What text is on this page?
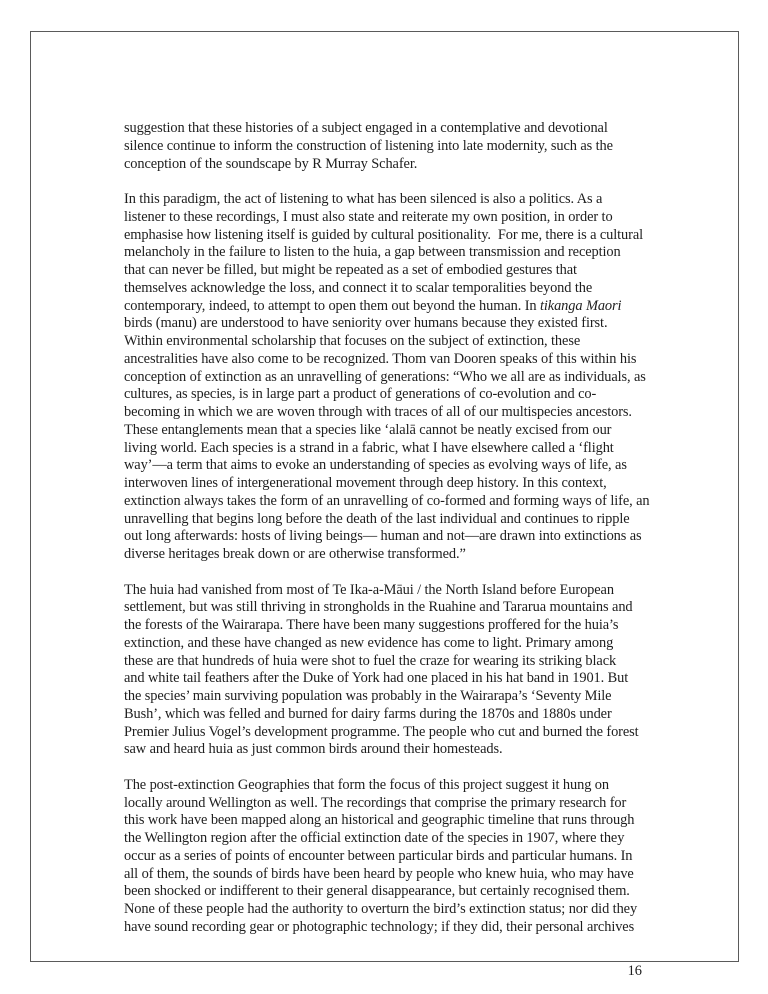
suggestion that these histories of a subject engaged in a contemplative and devotional
silence continue to inform the construction of listening into late modernity, such as the
conception of the soundscape by R Murray Schafer.
In this paradigm, the act of listening to what has been silenced is also a politics. As a
listener to these recordings, I must also state and reiterate my own position, in order to
emphasise how listening itself is guided by cultural positionality.  For me, there is a cultural
melancholy in the failure to listen to the huia, a gap between transmission and reception
that can never be filled, but might be repeated as a set of embodied gestures that
themselves acknowledge the loss, and connect it to scalar temporalities beyond the
contemporary, indeed, to attempt to open them out beyond the human. In tikanga Maori
birds (manu) are understood to have seniority over humans because they existed first.
Within environmental scholarship that focuses on the subject of extinction, these
ancestralities have also come to be recognized. Thom van Dooren speaks of this within his
conception of extinction as an unravelling of generations: “Who we all are as individuals, as
cultures, as species, is in large part a product of generations of co-evolution and co-
becoming in which we are woven through with traces of all of our multispecies ancestors.
These entanglements mean that a species like ‘alalā cannot be neatly excised from our
living world. Each species is a strand in a fabric, what I have elsewhere called a ‘flight
way’—a term that aims to evoke an understanding of species as evolving ways of life, as
interwoven lines of intergenerational movement through deep history. In this context,
extinction always takes the form of an unravelling of co-formed and forming ways of life, an
unravelling that begins long before the death of the last individual and continues to ripple
out long afterwards: hosts of living beings— human and not—are drawn into extinctions as
diverse heritages break down or are otherwise transformed.”
The huia had vanished from most of Te Ika-a-Māui / the North Island before European
settlement, but was still thriving in strongholds in the Ruahine and Tararua mountains and
the forests of the Wairarapa. There have been many suggestions proffered for the huia’s
extinction, and these have changed as new evidence has come to light. Primary among
these are that hundreds of huia were shot to fuel the craze for wearing its striking black
and white tail feathers after the Duke of York had one placed in his hat band in 1901. But
the species’ main surviving population was probably in the Wairarapa’s ‘Seventy Mile
Bush’, which was felled and burned for dairy farms during the 1870s and 1880s under
Premier Julius Vogel’s development programme. The people who cut and burned the forest
saw and heard huia as just common birds around their homesteads.
The post-extinction Geographies that form the focus of this project suggest it hung on
locally around Wellington as well. The recordings that comprise the primary research for
this work have been mapped along an historical and geographic timeline that runs through
the Wellington region after the official extinction date of the species in 1907, where they
occur as a series of points of encounter between particular birds and particular humans. In
all of them, the sounds of birds have been heard by people who knew huia, who may have
been shocked or indifferent to their general disappearance, but certainly recognised them.
None of these people had the authority to overturn the bird’s extinction status; nor did they
have sound recording gear or photographic technology; if they did, their personal archives
16
